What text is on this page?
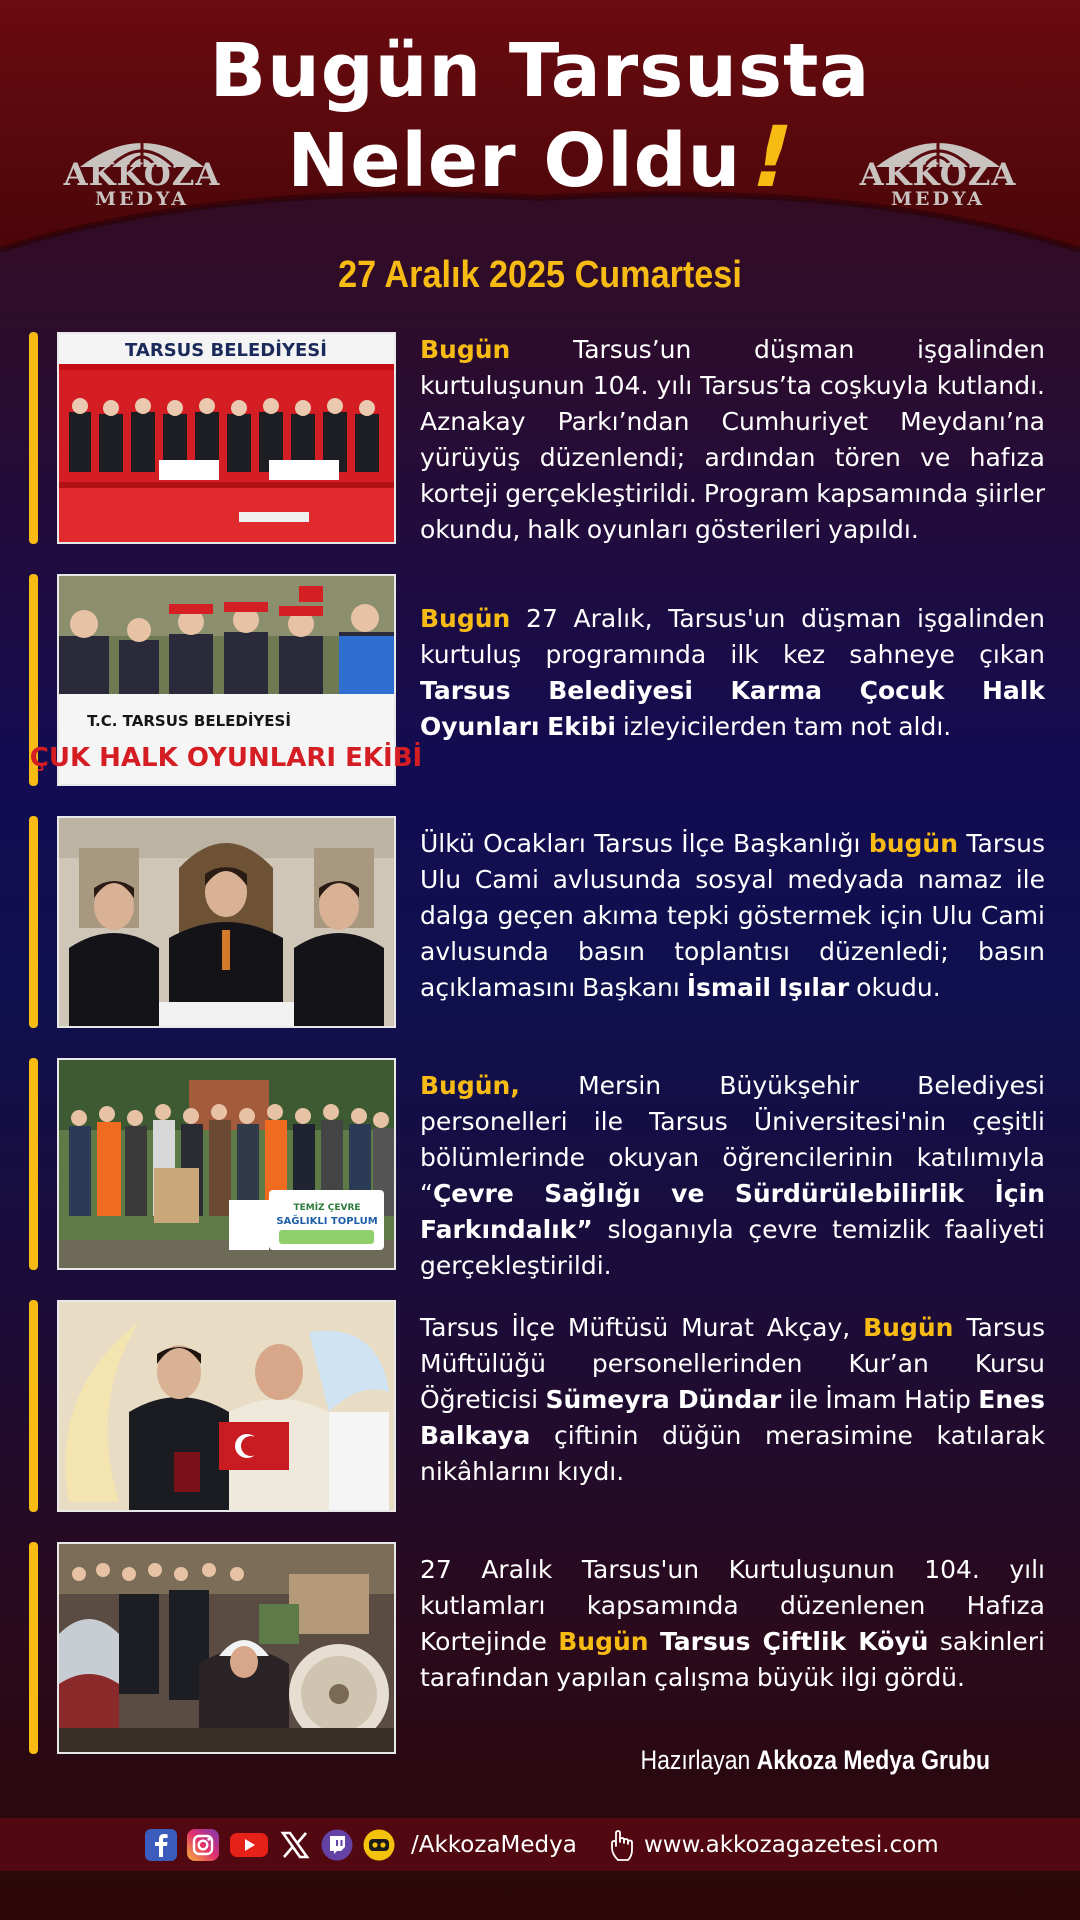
Bugün Tarsusta
Neler Oldu!
AKKOZA
MEDYA
AKKOZA
MEDYA
27 Aralık 2025 Cumartesi
TARSUS BELEDİYESİ	Bugün Tarsus’un düşman işgalinden kurtuluşunun 104. yılı Tarsus’ta coşkuyla kutlandı. Aznakay Parkı’ndan Cumhuriyet Meydanı’na yürüyüş düzenlendi; ardından tören ve hafıza korteji gerçekleştirildi. Program kapsamında şiirler okundu, halk oyunları gösterileri yapıldı.
T.C. TARSUS BELEDİYESİ
ÇUK HALK OYUNLARI EKİBİ
Bugün 27 Aralık, Tarsus'un düşman işgalinden kurtuluş programında ilk kez sahneye çıkan Tarsus Belediyesi Karma Çocuk Halk Oyunları Ekibi izleyicilerden tam not aldı.
Ülkü Ocakları Tarsus İlçe Başkanlığı bugün Tarsus Ulu Cami avlusunda sosyal medyada namaz ile dalga geçen akıma tepki göstermek için Ulu Cami avlusunda basın toplantısı düzenledi; basın açıklamasını Başkanı İsmail Işılar okudu.
TEMİZ ÇEVRE
SAĞLIKLI TOPLUM
Bugün, Mersin Büyükşehir Belediyesi personelleri ile Tarsus Üniversitesi'nin çeşitli bölümlerinde okuyan öğrencilerinin katılımıyla “Çevre Sağlığı ve Sürdürülebilirlik İçin Farkındalık” sloganıyla çevre temizlik faaliyeti gerçekleştirildi.
Tarsus İlçe Müftüsü Murat Akçay, Bugün Tarsus Müftülüğü personellerinden Kur’an Kursu Öğreticisi Sümeyra Dündar ile İmam Hatip Enes Balkaya çiftinin düğün merasimine katılarak nikâhlarını kıydı.
27 Aralık Tarsus'un Kurtuluşunun 104. yılı kutlamları kapsamında düzenlenen Hafıza Kortejinde Bugün Tarsus Çiftlik Köyü sakinleri tarafından yapılan çalışma büyük ilgi gördü.
Hazırlayan Akkoza Medya Grubu
/AkkozaMedya	www.akkozagazetesi.com
